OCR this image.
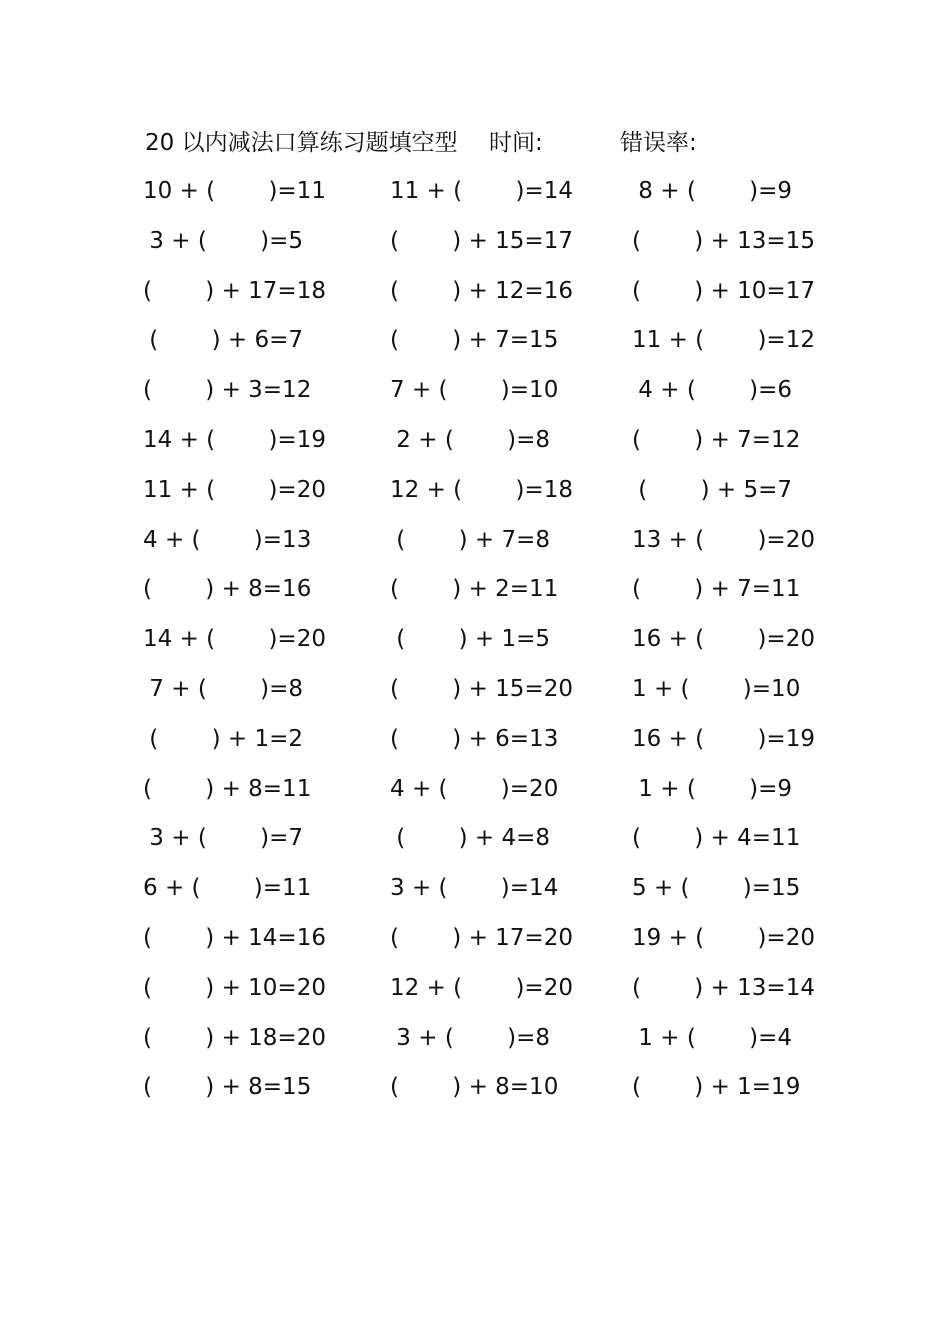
20 以内减法口算练习题填空型 时间:	错误率:
10 + (　　 )=11	11 + (　　 )=14	8 + (　　 )=9
3 + (　　 )=5	(　　 ) + 15=17	(　　 ) + 13=15
(　　 ) + 17=18	(　　 ) + 12=16	(　　 ) + 10=17
(　　 ) + 6=7	(　　 ) + 7=15	11 + (　　 )=12
(　　 ) + 3=12	7 + (　　 )=10	4 + (　　 )=6
14 + (　　 )=19	2 + (　　 )=8	(　　 ) + 7=12
11 + (　　 )=20	12 + (　　 )=18	(　　 ) + 5=7
4 + (　　 )=13	(　　 ) + 7=8	13 + (　　 )=20
(　　 ) + 8=16	(　　 ) + 2=11	(　　 ) + 7=11
14 + (　　 )=20	(　　 ) + 1=5	16 + (　　 )=20
7 + (　　 )=8	(　　 ) + 15=20	1 + (　　 )=10
(　　 ) + 1=2	(　　 ) + 6=13	16 + (　　 )=19
(　　 ) + 8=11	4 + (　　 )=20	1 + (　　 )=9
3 + (　　 )=7	(　　 ) + 4=8	(　　 ) + 4=11
6 + (　　 )=11	3 + (　　 )=14	5 + (　　 )=15
(　　 ) + 14=16	(　　 ) + 17=20	19 + (　　 )=20
(　　 ) + 10=20	12 + (　　 )=20	(　　 ) + 13=14
(　　 ) + 18=20	3 + (　　 )=8	1 + (　　 )=4
(　　 ) + 8=15	(　　 ) + 8=10	(　　 ) + 1=19
